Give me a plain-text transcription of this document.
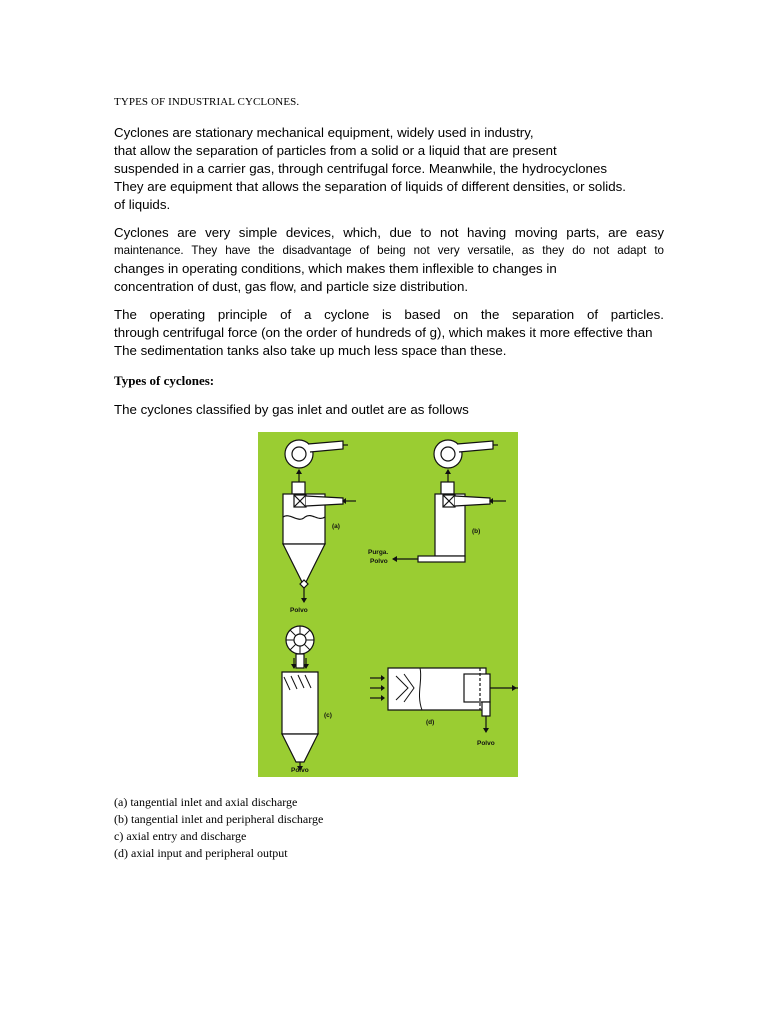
TYPES OF INDUSTRIAL CYCLONES.
Cyclones are stationary mechanical equipment, widely used in industry,
that allow the separation of particles from a solid or a liquid that are present
suspended in a carrier gas, through centrifugal force. Meanwhile, the hydrocyclones
They are equipment that allows the separation of liquids of different densities, or solids.
of liquids.
Cyclones are very simple devices, which, due to not having moving parts, are easy
maintenance. They have the disadvantage of being not very versatile, as they do not adapt to
changes in operating conditions, which makes them inflexible to changes in
concentration of dust, gas flow, and particle size distribution.
The operating principle of a cyclone is based on the separation of particles.
through centrifugal force (on the order of hundreds of g), which makes it more effective than
The sedimentation tanks also take up much less space than these.
Types of cyclones:
The cyclones classified by gas inlet and outlet are as follows
(a)
(b)
Purga.
Polvo
Polvo
(c)
(d)
Polvo
Polvo
(a) tangential inlet and axial discharge
(b) tangential inlet and peripheral discharge
c) axial entry and discharge
(d) axial input and peripheral output
